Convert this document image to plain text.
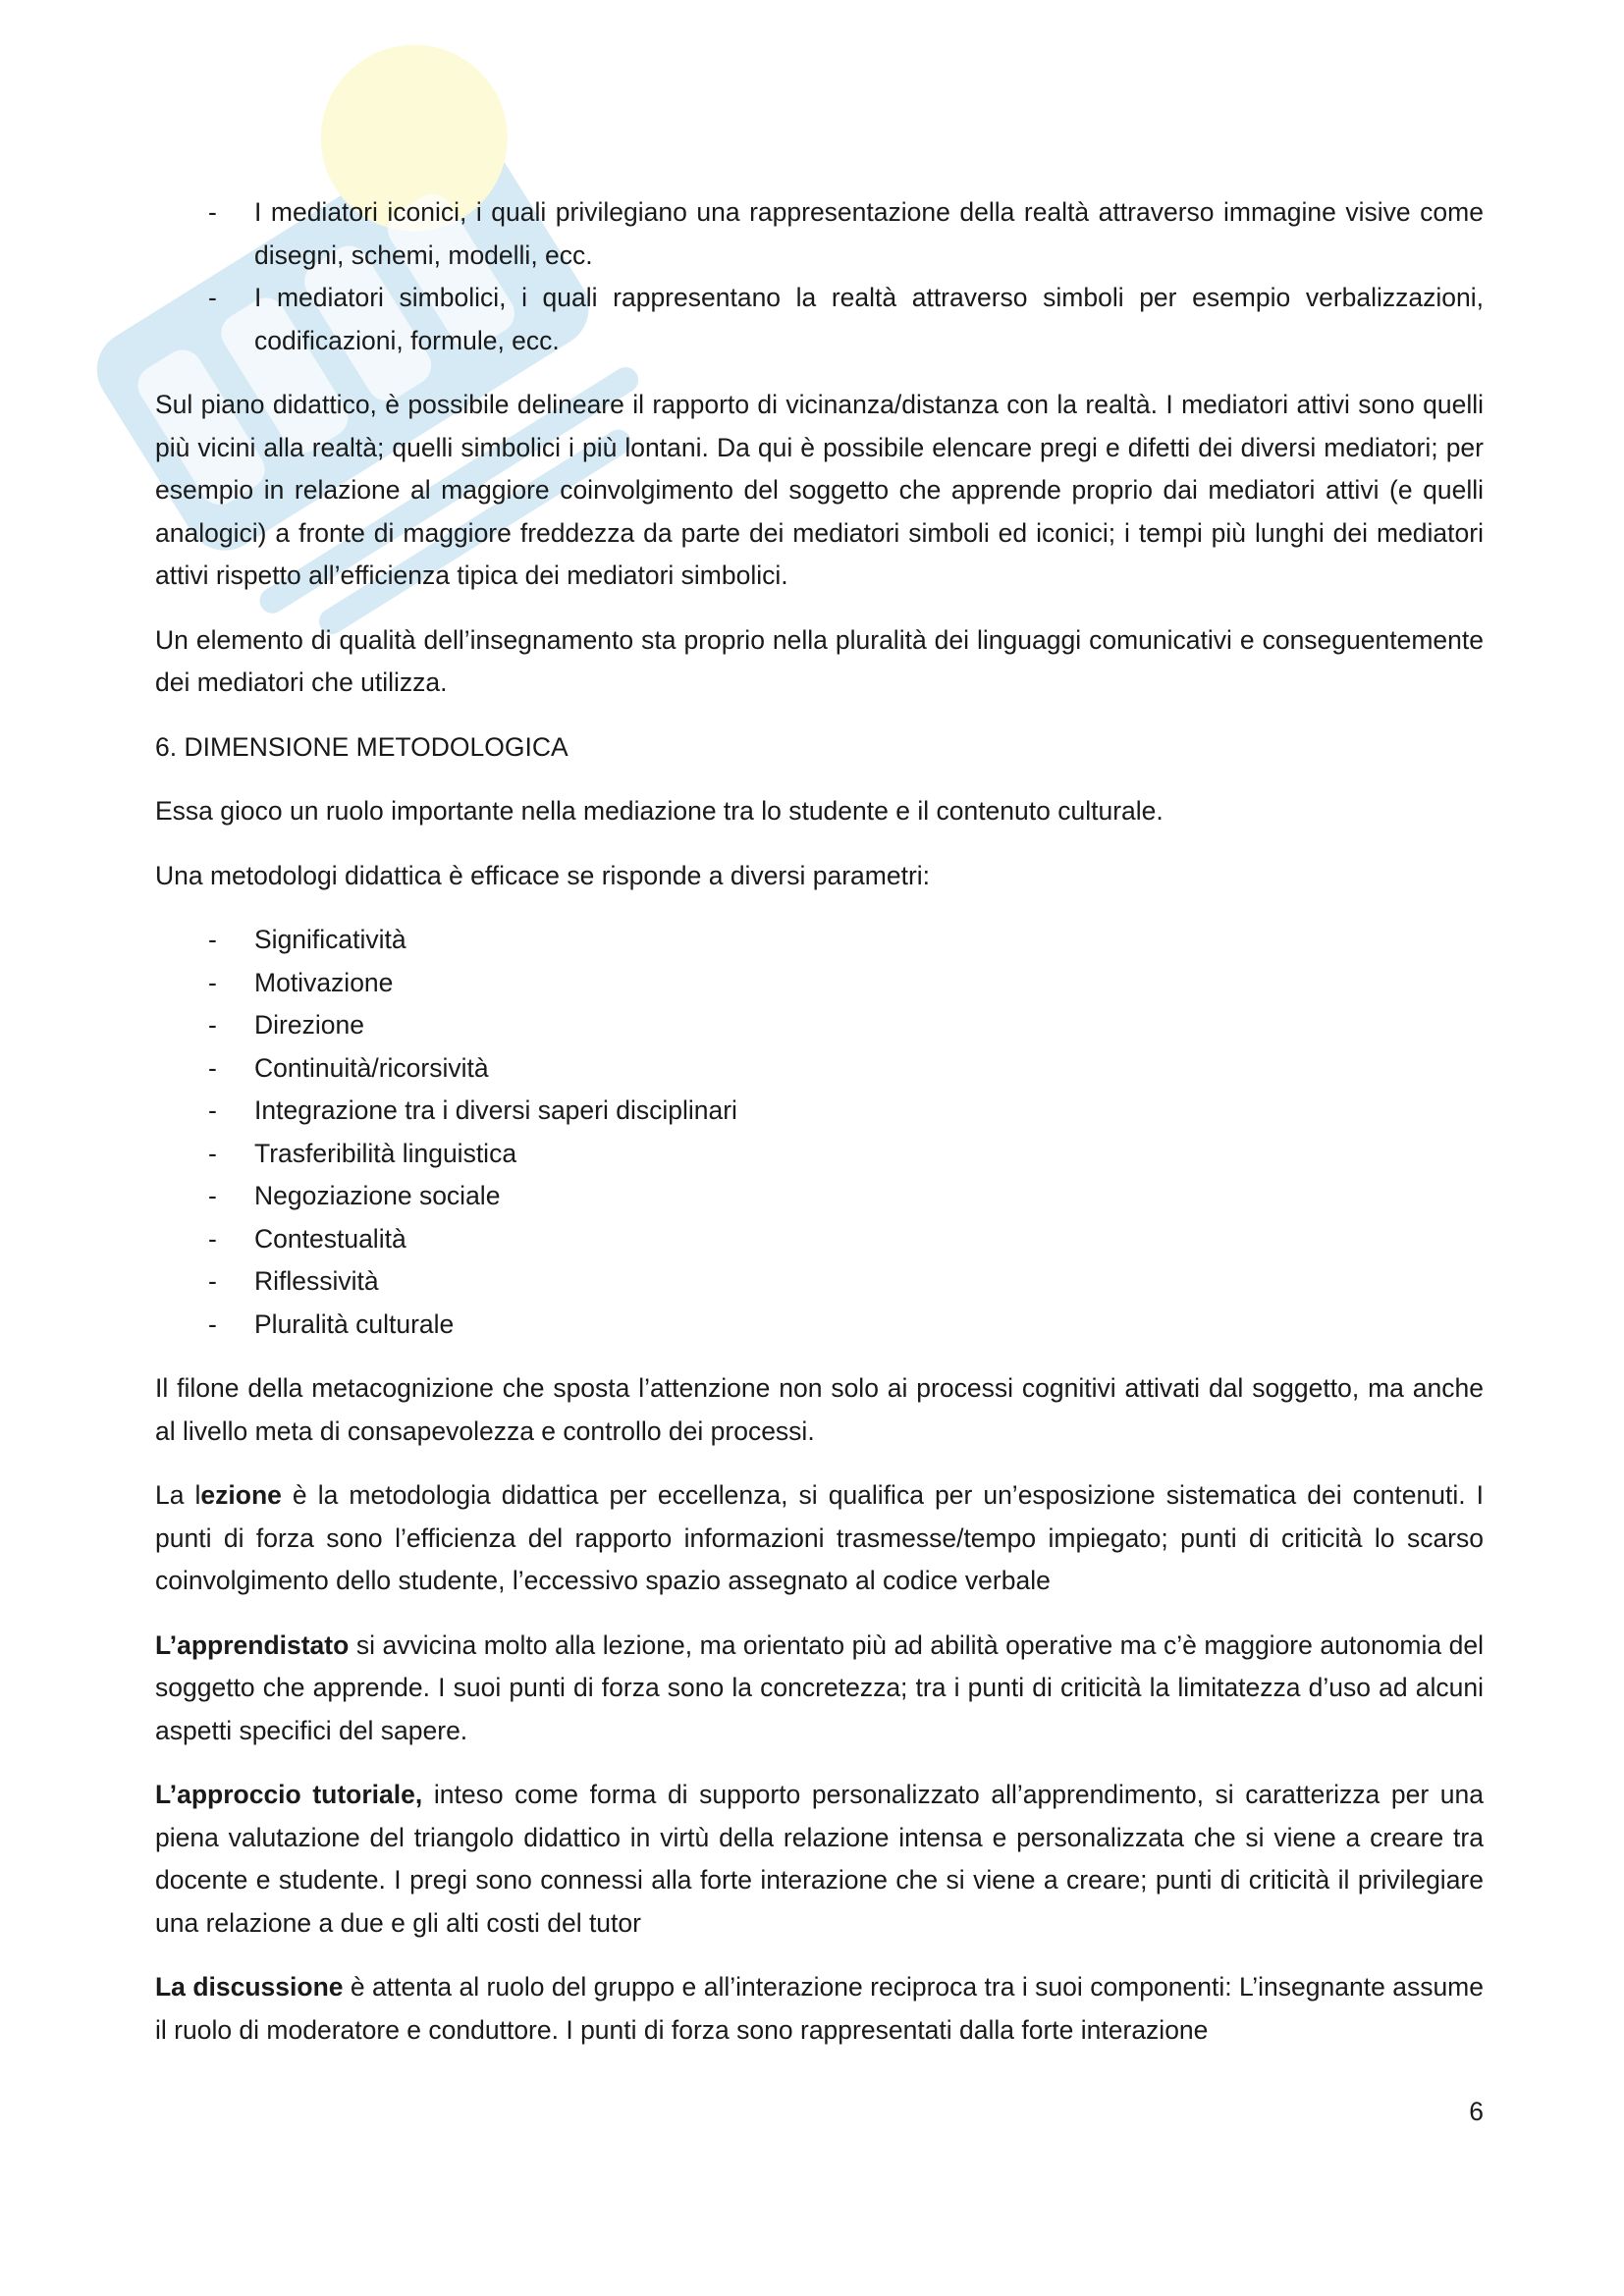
- I mediatori iconici, i quali privilegiano una rappresentazione della realtà attraverso immagine visive come disegni, schemi, modelli, ecc.
- I mediatori simbolici, i quali rappresentano la realtà attraverso simboli per esempio verbalizzazioni, codificazioni, formule, ecc.

Sul piano didattico, è possibile delineare il rapporto di vicinanza/distanza con la realtà. I mediatori attivi sono quelli più vicini alla realtà; quelli simbolici i più lontani. Da qui è possibile elencare pregi e difetti dei diversi mediatori; per esempio in relazione al maggiore coinvolgimento del soggetto che apprende proprio dai mediatori attivi (e quelli analogici) a fronte di maggiore freddezza da parte dei mediatori simboli ed iconici; i tempi più lunghi dei mediatori attivi rispetto all’efficienza tipica dei mediatori simbolici.

Un elemento di qualità dell’insegnamento sta proprio nella pluralità dei linguaggi comunicativi e conseguentemente dei mediatori che utilizza.

6. DIMENSIONE METODOLOGICA

Essa gioco un ruolo importante nella mediazione tra lo studente e il contenuto culturale.

Una metodologi didattica è efficace se risponde a diversi parametri:

- Significatività
- Motivazione
- Direzione
- Continuità/ricorsività
- Integrazione tra i diversi saperi disciplinari
- Trasferibilità linguistica
- Negoziazione sociale
- Contestualità
- Riflessività
- Pluralità culturale

Il filone della metacognizione che sposta l’attenzione non solo ai processi cognitivi attivati dal soggetto, ma anche al livello meta di consapevolezza e controllo dei processi.

La lezione è la metodologia didattica per eccellenza, si qualifica per un’esposizione sistematica dei contenuti. I punti di forza sono l’efficienza del rapporto informazioni trasmesse/tempo impiegato; punti di criticità lo scarso coinvolgimento dello studente, l’eccessivo spazio assegnato al codice verbale

L’apprendistato si avvicina molto alla lezione, ma orientato più ad abilità operative ma c’è maggiore autonomia del soggetto che apprende. I suoi punti di forza sono la concretezza; tra i punti di criticità la limitatezza d’uso ad alcuni aspetti specifici del sapere.

L’approccio tutoriale, inteso come forma di supporto personalizzato all’apprendimento, si caratterizza per una piena valutazione del triangolo didattico in virtù della relazione intensa e personalizzata che si viene a creare tra docente e studente. I pregi sono connessi alla forte interazione che si viene a creare; punti di criticità il privilegiare una relazione a due e gli alti costi del tutor

La discussione è attenta al ruolo del gruppo e all’interazione reciproca tra i suoi componenti: L’insegnante assume il ruolo di moderatore e conduttore. I punti di forza sono rappresentati dalla forte interazione

6
